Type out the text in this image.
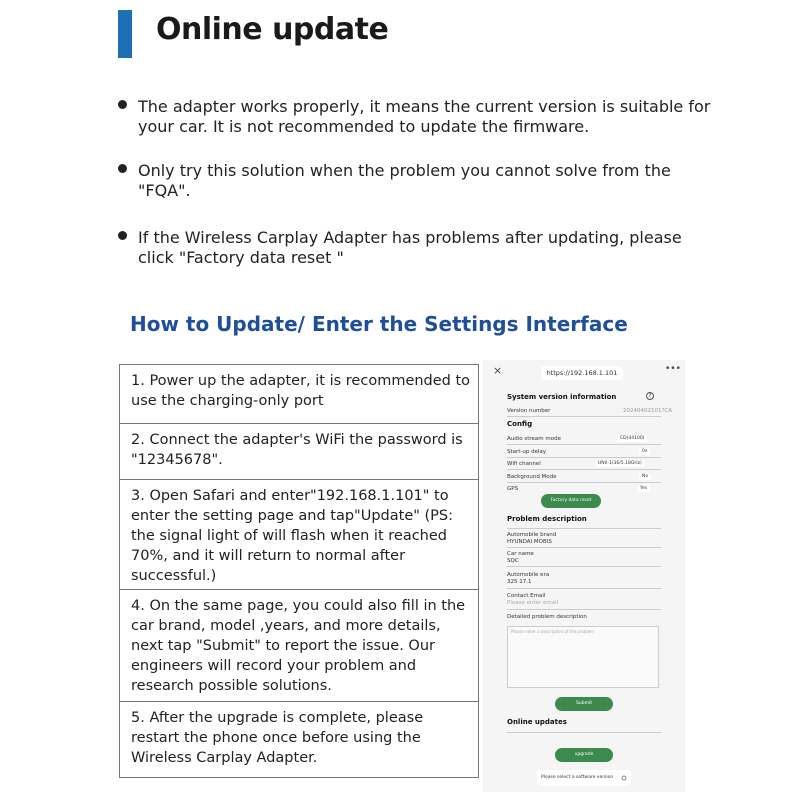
Online update
The adapter works properly, it means the current version is suitable for your car. It is not recommended to update the firmware.
Only try this solution when the problem you cannot solve from the "FQA".
If the Wireless Carplay Adapter has problems after updating, please click "Factory data reset "
How to Update/ Enter the Settings Interface
1. Power up the adapter, it is recommended to use the charging-only port
2. Connect the adapter's WiFi the password is "12345678".
3. Open Safari and enter"192.168.1.101" to enter the setting page and tap"Update" (PS: the signal light of will flash when it reached 70%, and it will return to normal after successful.)
4. On the same page, you could also fill in the car brand, model ,years, and more details, next tap "Submit" to report the issue. Our engineers will record your problem and research possible solutions.
5. After the upgrade is complete, please restart the phone once before using the Wireless Carplay Adapter.
×	https://192.168.1.101	•••
System version information	?
Version number	20240402101?CA
Config
Audio stream mode	CD(44100)
Start-up delay	0s
Wifi channel	UNII-1(36/5.18GHz)
Background Mode	No
GPS	Yes
Factory data reset
Problem description
Automobile brand
HYUNDAI MOBIS
Car name
SQC
Automobile era
325 17.1
Contact Email
Please enter email
Detailed problem description
Please enter a description of the problem
Submit
Online updates
upgrade
Please select a software version
